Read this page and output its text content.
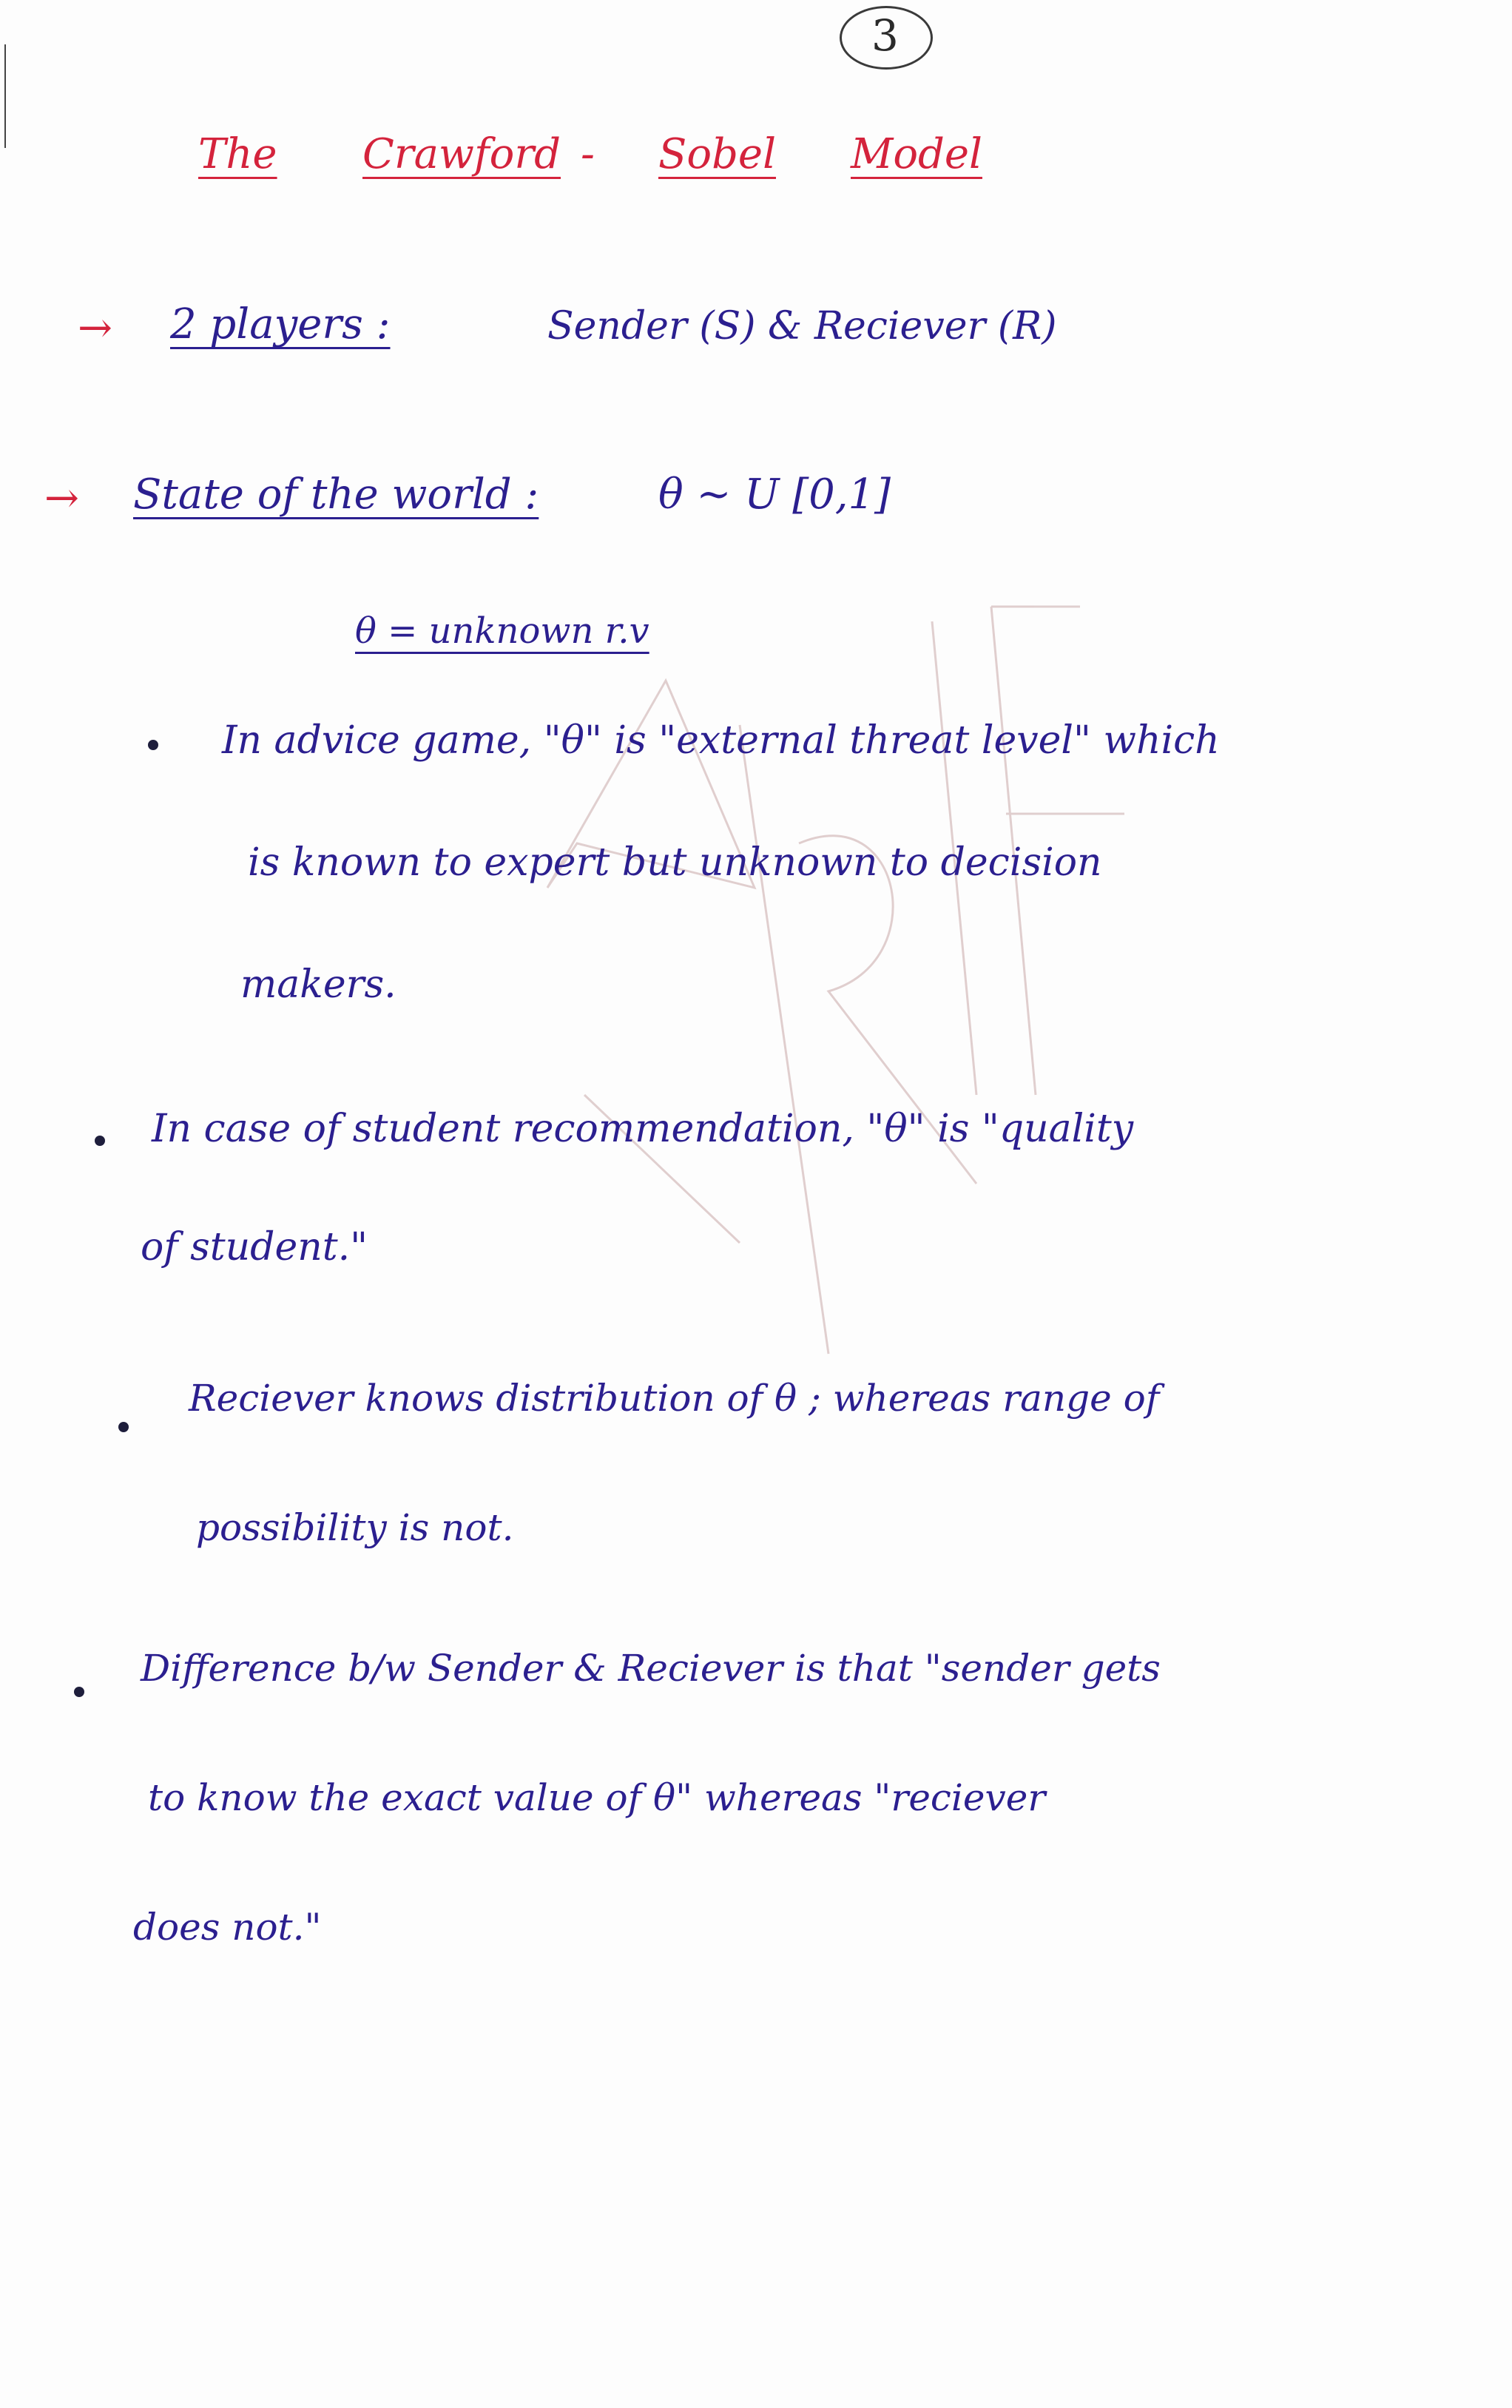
3
The Crawford - Sobel Model
→ 2 players :	Sender (S) & Reciever (R)
→ State of the world :	θ ~ U [0,1]
θ = unknown r.v
In advice game, "θ" is "external threat level" which
is known to expert but unknown to decision
makers.
In case of student recommendation, "θ" is "quality
of student."
Reciever knows distribution of θ ; whereas range of
possibility is not.
Difference b/w Sender & Reciever is that "sender gets
to know the exact value of θ" whereas "reciever
does not."
